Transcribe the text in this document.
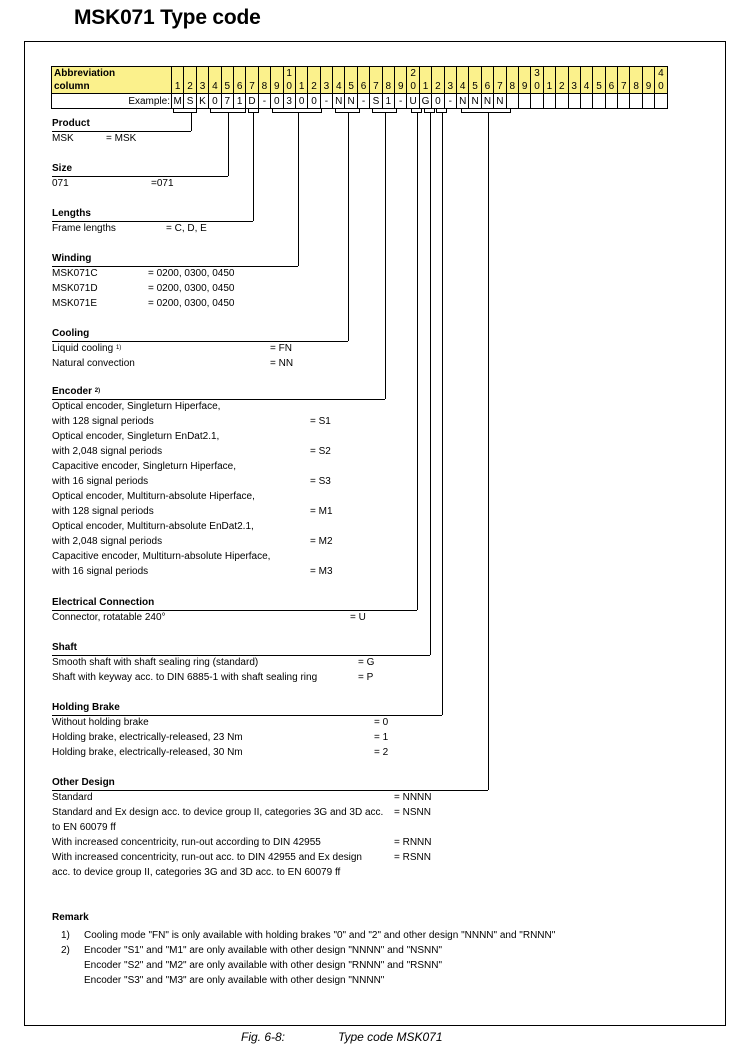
MSK071 Type code
Abbreviation										1										2										3										4
column	1	2	3	4	5	6	7	8	9	0	1	2	3	4	5	6	7	8	9	0	1	2	3	4	5	6	7	8	9	0	1	2	3	4	5	6	7	8	9	0
Example:	M	S	K	0	7	1	D	-	0	3	0	0	-	N	N	-	S	1	-	U	G	0	-	N	N	N	N													
Product
MSK	= MSK
Size
071	=071
Lengths
Frame lengths	= C, D, E
Winding
MSK071C	= 0200, 0300, 0450
MSK071D	= 0200, 0300, 0450
MSK071E	= 0200, 0300, 0450
Cooling
Liquid cooling $^{1)}$	= FN
Natural convection	= NN
Encoder $^{2)}$
Optical encoder, Singleturn Hiperface,
with 128 signal periods	= S1
Optical encoder, Singleturn EnDat2.1,
with 2,048 signal periods	= S2
Capacitive encoder, Singleturn Hiperface,
with 16 signal periods	= S3
Optical encoder, Multiturn-absolute Hiperface,
with 128 signal periods	= M1
Optical encoder, Multiturn-absolute EnDat2.1,
with 2,048 signal periods	= M2
Capacitive encoder, Multiturn-absolute Hiperface,
with 16 signal periods	= M3
Electrical Connection
Connector, rotatable 240°	= U
Shaft
Smooth shaft with shaft sealing ring (standard)	= G
Shaft with keyway acc. to DIN 6885-1 with shaft sealing ring	= P
Holding Brake
Without holding brake	= 0
Holding brake, electrically-released, 23 Nm	= 1
Holding brake, electrically-released, 30 Nm	= 2
Other Design
Standard	= NNNN
Standard and Ex design acc. to device group II, categories 3G and 3D acc. = NSNN
to EN 60079 ff
With increased concentricity, run-out according to DIN 42955	= RNNN
With increased concentricity, run-out acc. to DIN 42955 and Ex design	= RSNN
acc. to device group II, categories 3G and 3D acc. to EN 60079 ff
Remark
1) Cooling mode "FN" is only available with holding brakes "0" and "2" and other design "NNNN" and "RNNN"
2) Encoder "S1" and "M1" are only available with other design "NNNN" and "NSNN"
Encoder "S2" and "M2" are only available with other design "RNNN" and "RSNN"
Encoder "S3" and "M3" are only available with other design "NNNN"
Fig. 6-8:	Type code MSK071
